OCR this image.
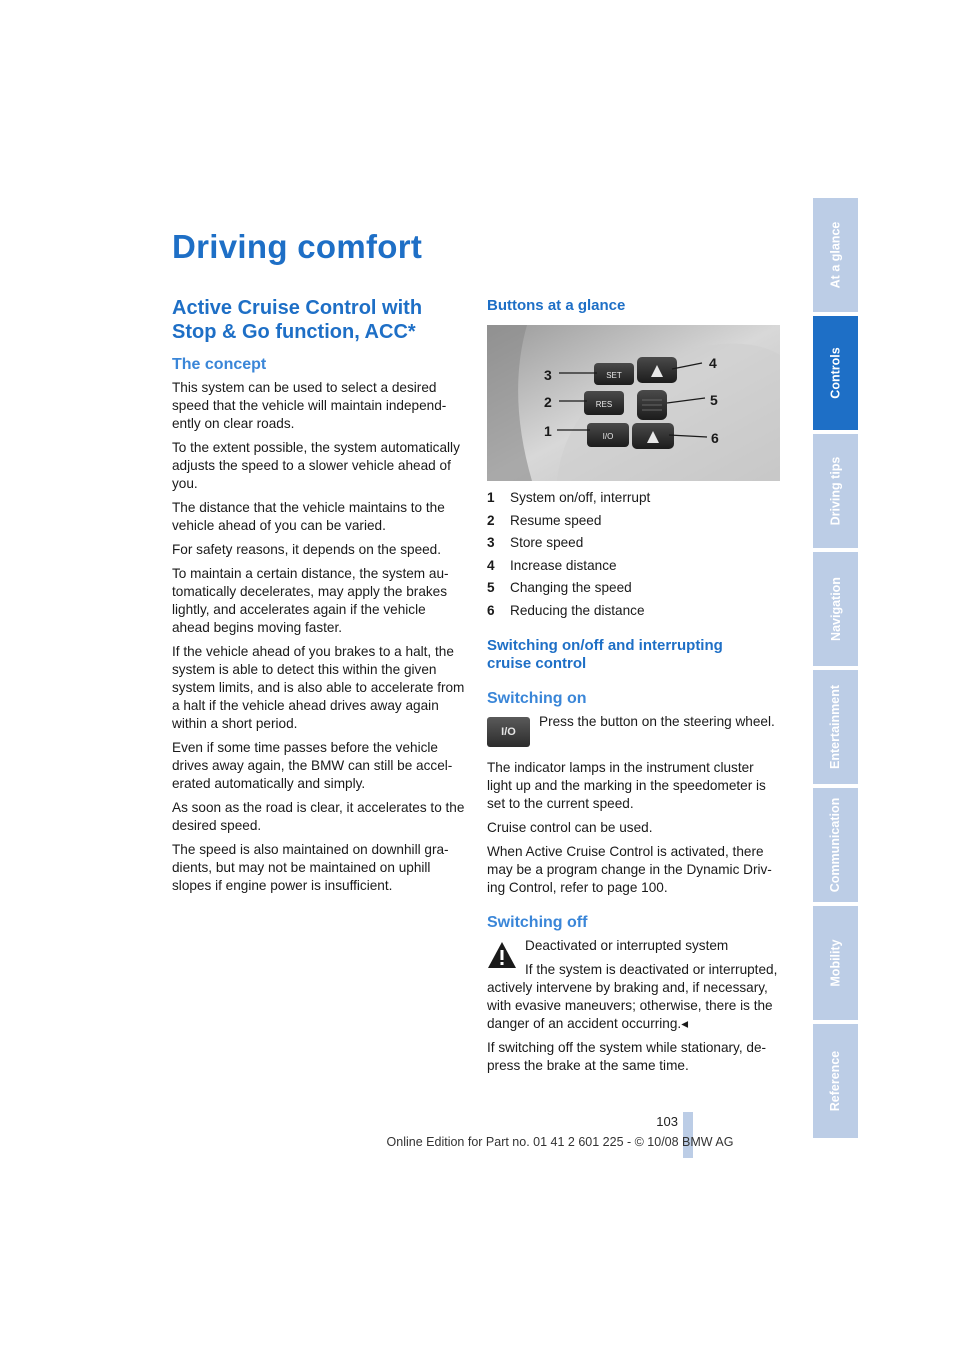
Driving comfort
Active Cruise Control with
Stop & Go function, ACC*
The concept

This system can be used to select a desired speed that the vehicle will maintain independ-ently on clear roads.

To the extent possible, the system automatically adjusts the speed to a slower vehicle ahead of you.

The distance that the vehicle maintains to the vehicle ahead of you can be varied.

For safety reasons, it depends on the speed.

To maintain a certain distance, the system au-tomatically decelerates, may apply the brakes lightly, and accelerates again if the vehicle ahead begins moving faster.

If the vehicle ahead of you brakes to a halt, the system is able to detect this within the given system limits, and is also able to accelerate from a halt if the vehicle ahead drives away again within a short period.

Even if some time passes before the vehicle drives away again, the BMW can still be accel-erated automatically and simply.

As soon as the road is clear, it accelerates to the desired speed.

The speed is also maintained on downhill gra-dients, but may not be maintained on uphill slopes if engine power is insufficient.

Buttons at a glance
SET
RES
I/O
3
2
1
4
5
6
1	System on/off, interrupt
2	Resume speed
3	Store speed
4	Increase distance
5	Changing the speed
6	Reducing the distance
Switching on/off and interrupting
cruise control
Switching on
I/O
Press the button on the steering wheel.

The indicator lamps in the instrument cluster light up and the marking in the speedometer is set to the current speed.

Cruise control can be used.

When Active Cruise Control is activated, there may be a program change in the Dynamic Driv-ing Control, refer to page 100.

Switching off

Deactivated or interrupted system

If the system is deactivated or interrupted, actively intervene by braking and, if necessary, with evasive maneuvers; otherwise, there is the danger of an accident occurring.◂

If switching off the system while stationary, de-press the brake at the same time.

At a glance
Controls
Driving tips
Navigation
Entertainment
Communication
Mobility
Reference
103
Online Edition for Part no. 01 41 2 601 225 - © 10/08 BMW AG
